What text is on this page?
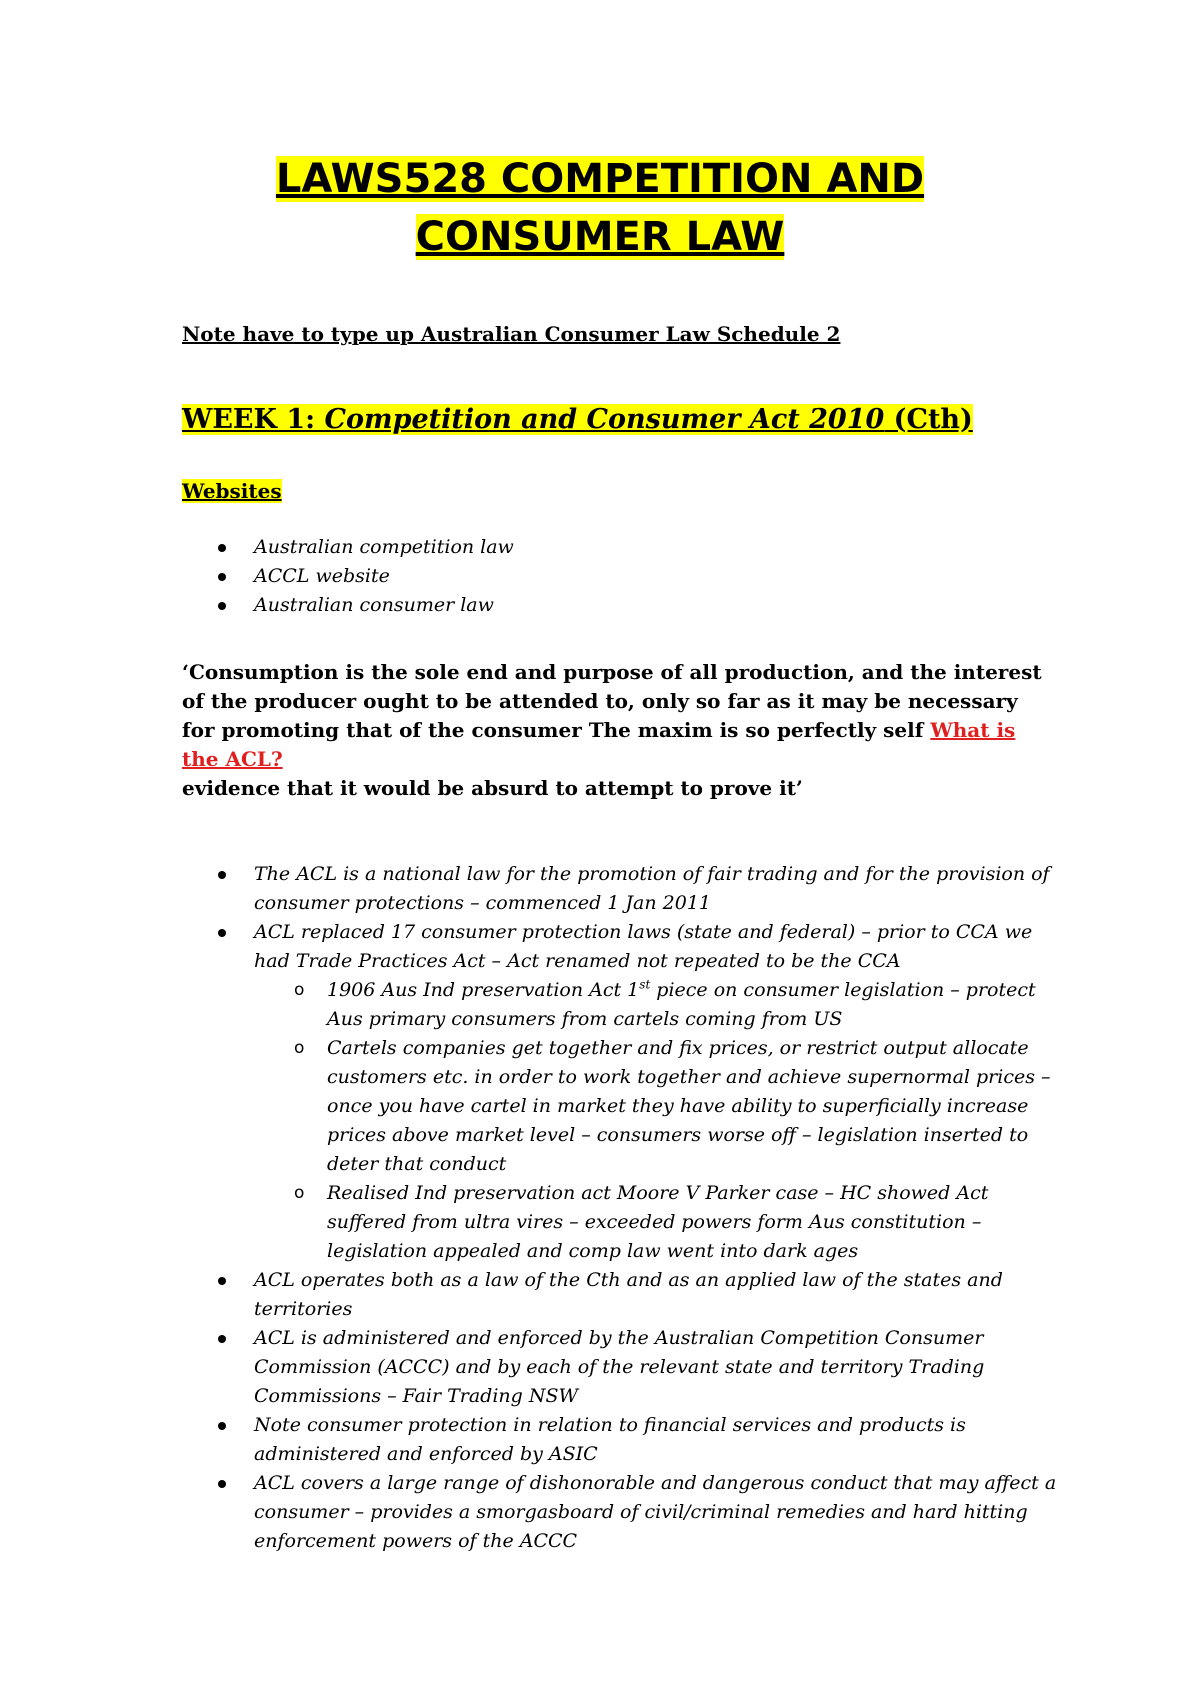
LAWS528 COMPETITION AND
CONSUMER LAW
Note have to type up Australian Consumer Law Schedule 2
WEEK 1: Competition and Consumer Act 2010 (Cth)
Websites
Australian competition law
ACCL website
Australian consumer law
‘Consumption is the sole end and purpose of all production, and the interest of the producer ought to be attended to, only so far as it may be necessary for promoting that of the consumer The maxim is so perfectly self What is the ACL?
evidence that it would be absurd to attempt to prove it’
The ACL is a national law for the promotion of fair trading and for the provision of consumer protections – commenced 1 Jan 2011
ACL replaced 17 consumer protection laws (state and federal) – prior to CCA we had Trade Practices Act – Act renamed not repeated to be the CCA
o 1906 Aus Ind preservation Act 1st piece on consumer legislation – protect Aus primary consumers from cartels coming from US
o Cartels companies get together and fix prices, or restrict output allocate customers etc. in order to work together and achieve supernormal prices – once you have cartel in market they have ability to superficially increase prices above market level – consumers worse off – legislation inserted to deter that conduct
o Realised Ind preservation act Moore V Parker case – HC showed Act suffered from ultra vires – exceeded powers form Aus constitution – legislation appealed and comp law went into dark ages
ACL operates both as a law of the Cth and as an applied law of the states and territories
ACL is administered and enforced by the Australian Competition Consumer Commission (ACCC) and by each of the relevant state and territory Trading Commissions – Fair Trading NSW
Note consumer protection in relation to financial services and products is administered and enforced by ASIC
ACL covers a large range of dishonorable and dangerous conduct that may affect a consumer – provides a smorgasboard of civil/criminal remedies and hard hitting enforcement powers of the ACCC
